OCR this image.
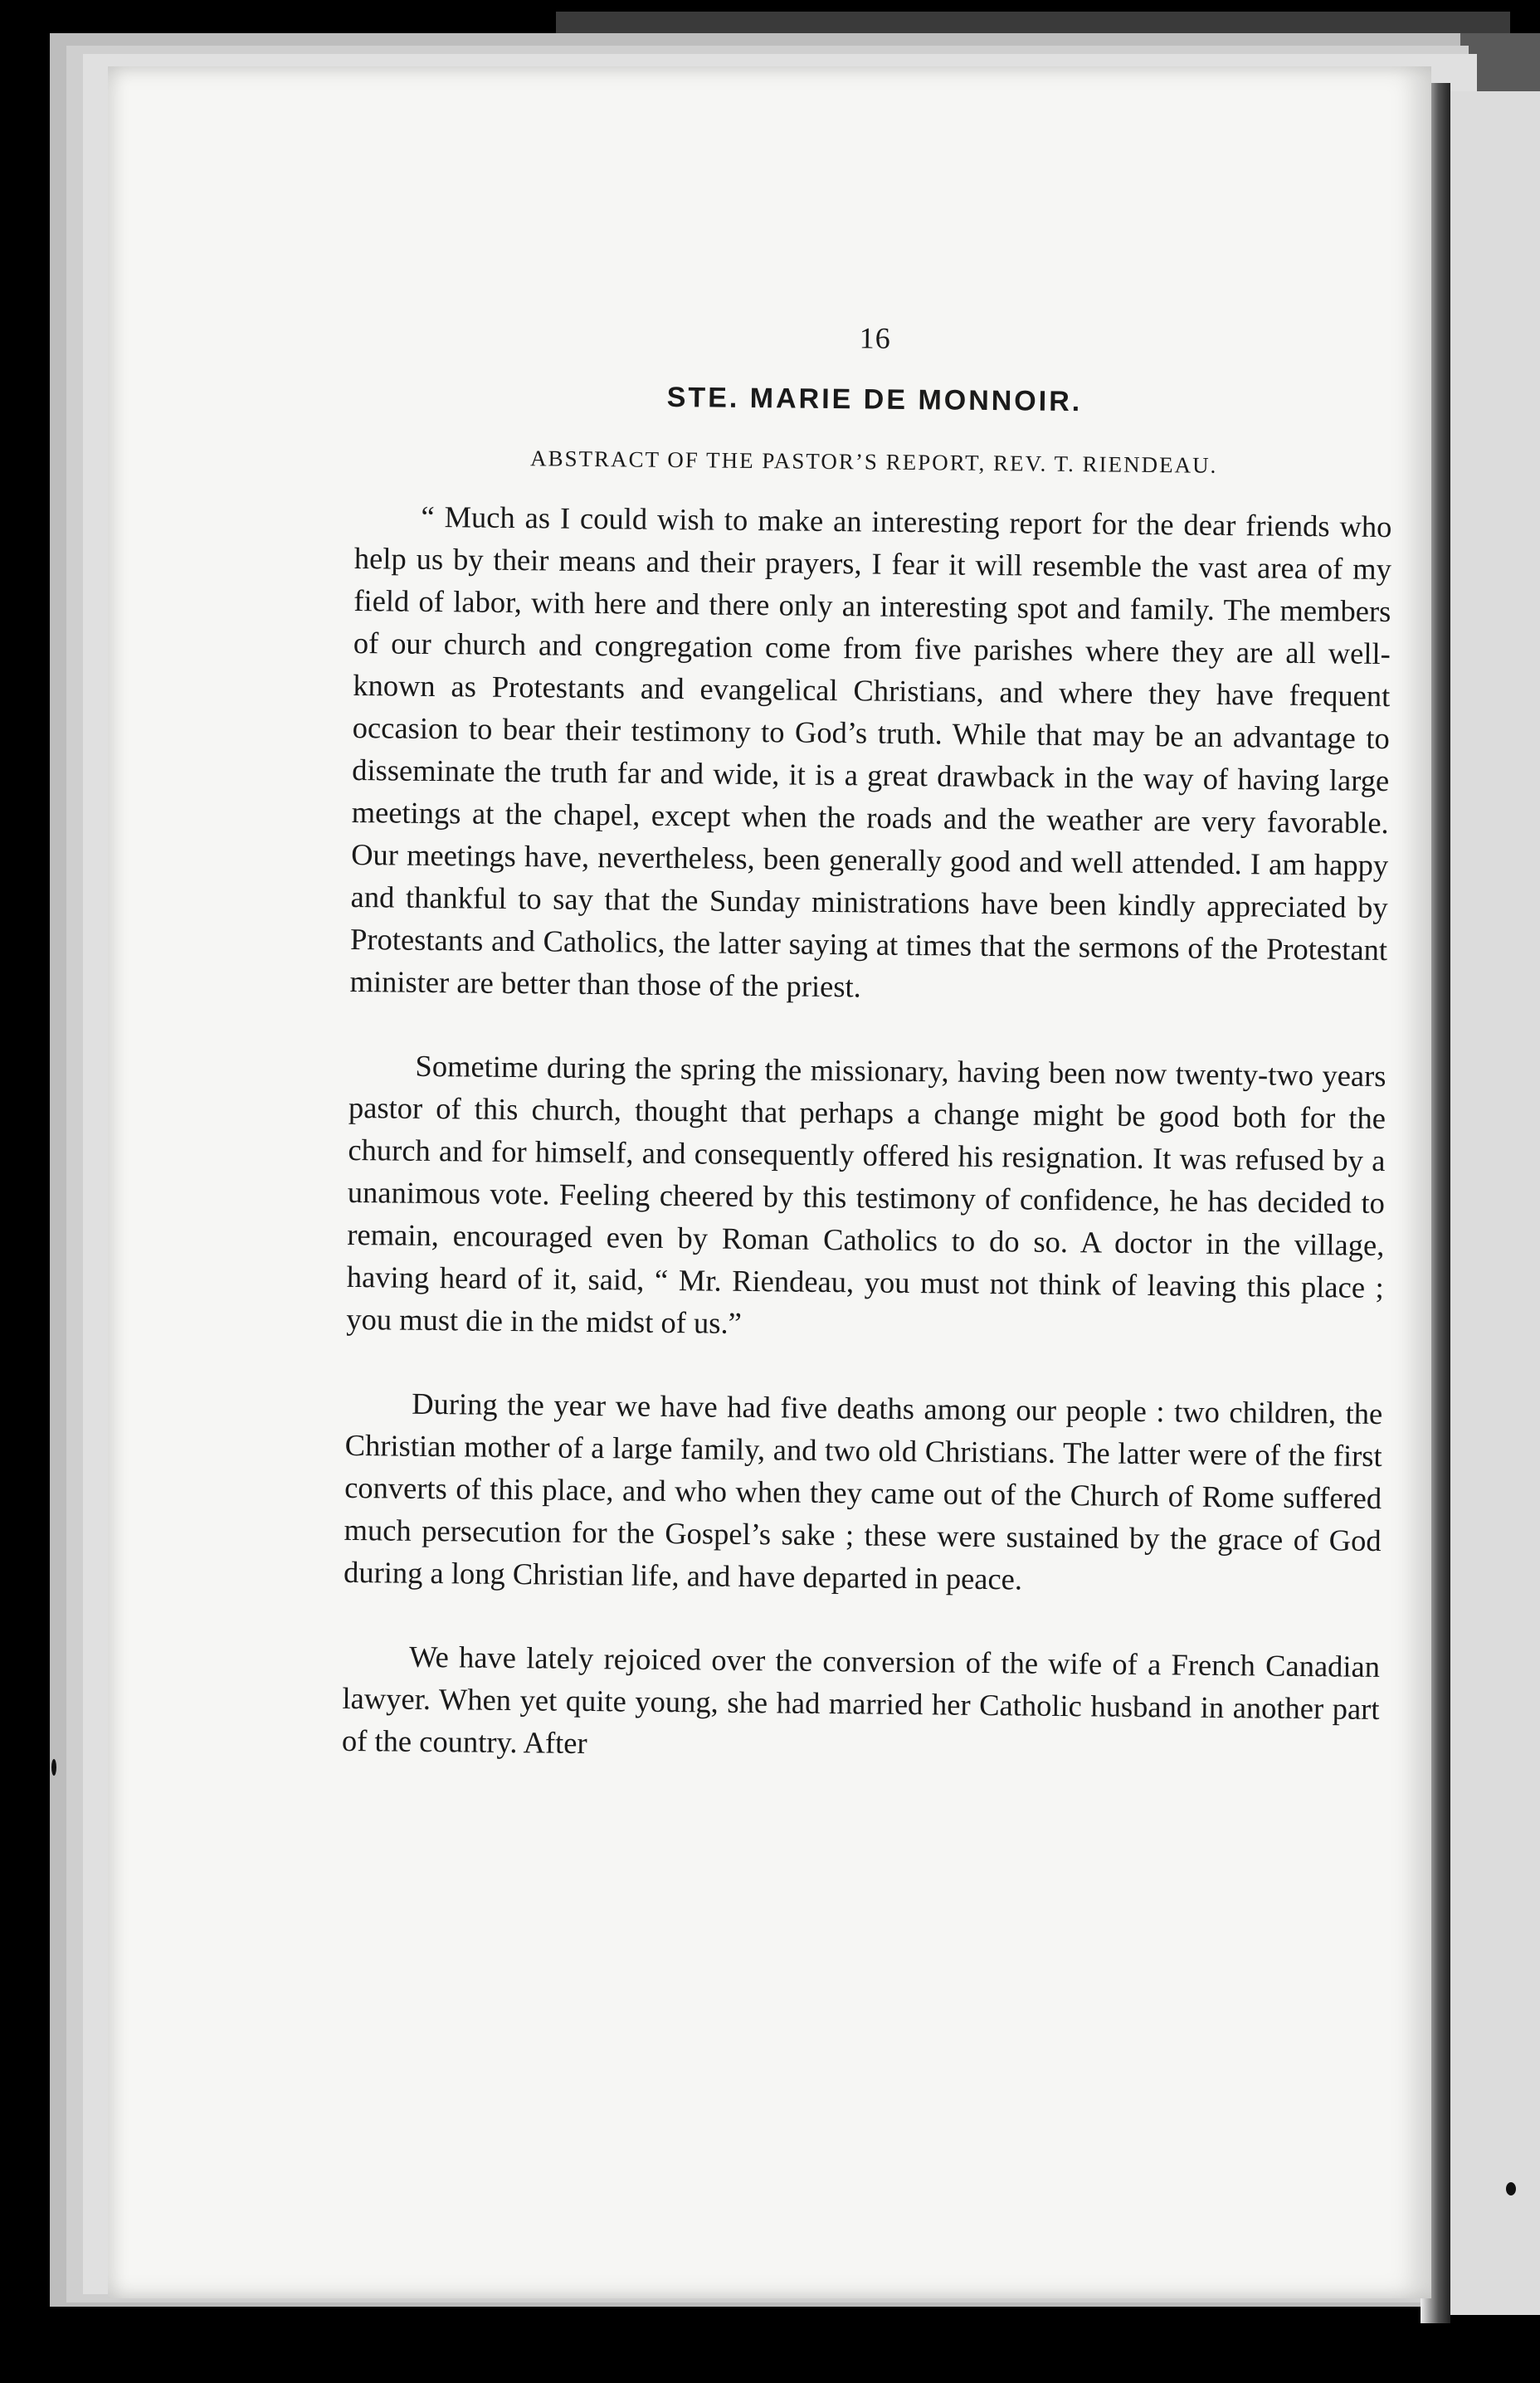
16
STE. MARIE DE MONNOIR.
ABSTRACT OF THE PASTOR’S REPORT, REV. T. RIENDEAU.

“ Much as I could wish to make an interesting report for the dear friends who help us by their means and their prayers, I fear it will resemble the vast area of my field of labor, with here and there only an interesting spot and family. The members of our church and congregation come from five parishes where they are all well-known as Protestants and evangelical Christians, and where they have frequent occasion to bear their testimony to God’s truth. While that may be an advantage to disseminate the truth far and wide, it is a great drawback in the way of having large meetings at the chapel, except when the roads and the weather are very favorable. Our meetings have, nevertheless, been generally good and well attended. I am happy and thankful to say that the Sunday ministrations have been kindly appreciated by Protestants and Catholics, the latter saying at times that the sermons of the Protestant minister are better than those of the priest.

Sometime during the spring the missionary, having been now twenty-two years pastor of this church, thought that perhaps a change might be good both for the church and for himself, and consequently offered his resignation. It was refused by a unanimous vote. Feeling cheered by this testimony of confidence, he has decided to remain, encouraged even by Roman Catholics to do so. A doctor in the village, having heard of it, said, “ Mr. Riendeau, you must not think of leaving this place ; you must die in the midst of us.”

During the year we have had five deaths among our people : two children, the Christian mother of a large family, and two old Christians. The latter were of the first converts of this place, and who when they came out of the Church of Rome suffered much persecution for the Gospel’s sake ; these were sustained by the grace of God during a long Christian life, and have departed in peace.

We have lately rejoiced over the conversion of the wife of a French Canadian lawyer. When yet quite young, she had married her Catholic husband in another part of the country. After
